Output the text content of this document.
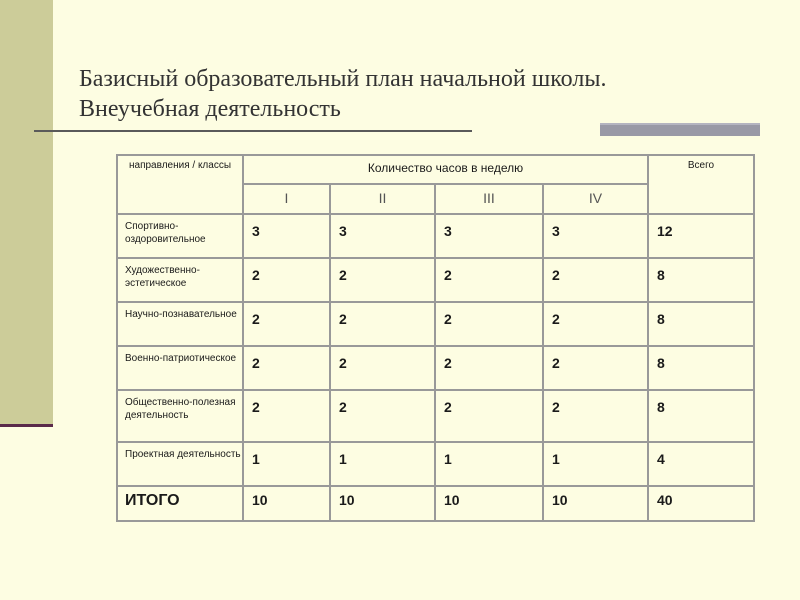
Базисный образовательный план начальной школы.
Внеучебная деятельность
направления / классы	Количество часов в неделю				Всего
	I	II	III	IV	
Спортивно-оздоровительное	3	3	3	3	12
Художественно-эстетическое	2	2	2	2	8
Научно-познавательное	2	2	2	2	8
Военно-патриотическое	2	2	2	2	8
Общественно-полезная деятельность	2	2	2	2	8
Проектная деятельность	1	1	1	1	4
ИТОГО	10	10	10	10	40
